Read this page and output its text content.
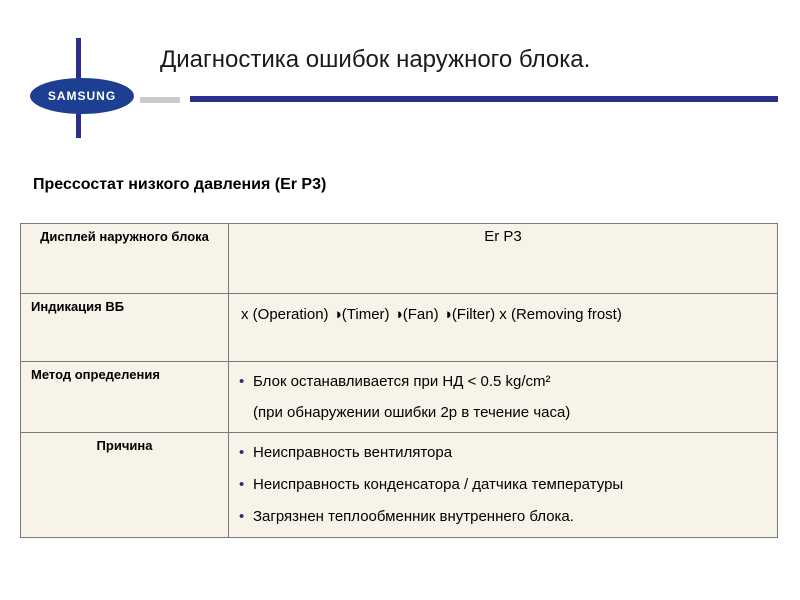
SAMSUNG
Диагностика ошибок наружного блока.
Прессостат низкого давления (Er P3)
Дисплей наружного блока	Er P3
Индикация ВБ	х (Operation) ◑(Timer) ◑(Fan) ◑(Filter) х (Removing frost)

Метод определения	• Блок останавливается при НД < 0.5 kg/cm²
(при обнаружении ошибки 2р в течение часа)

Причина	• Неисправность вентилятора
• Неисправность конденсатора / датчика температуры
• Загрязнен теплообменник внутреннего блока.
